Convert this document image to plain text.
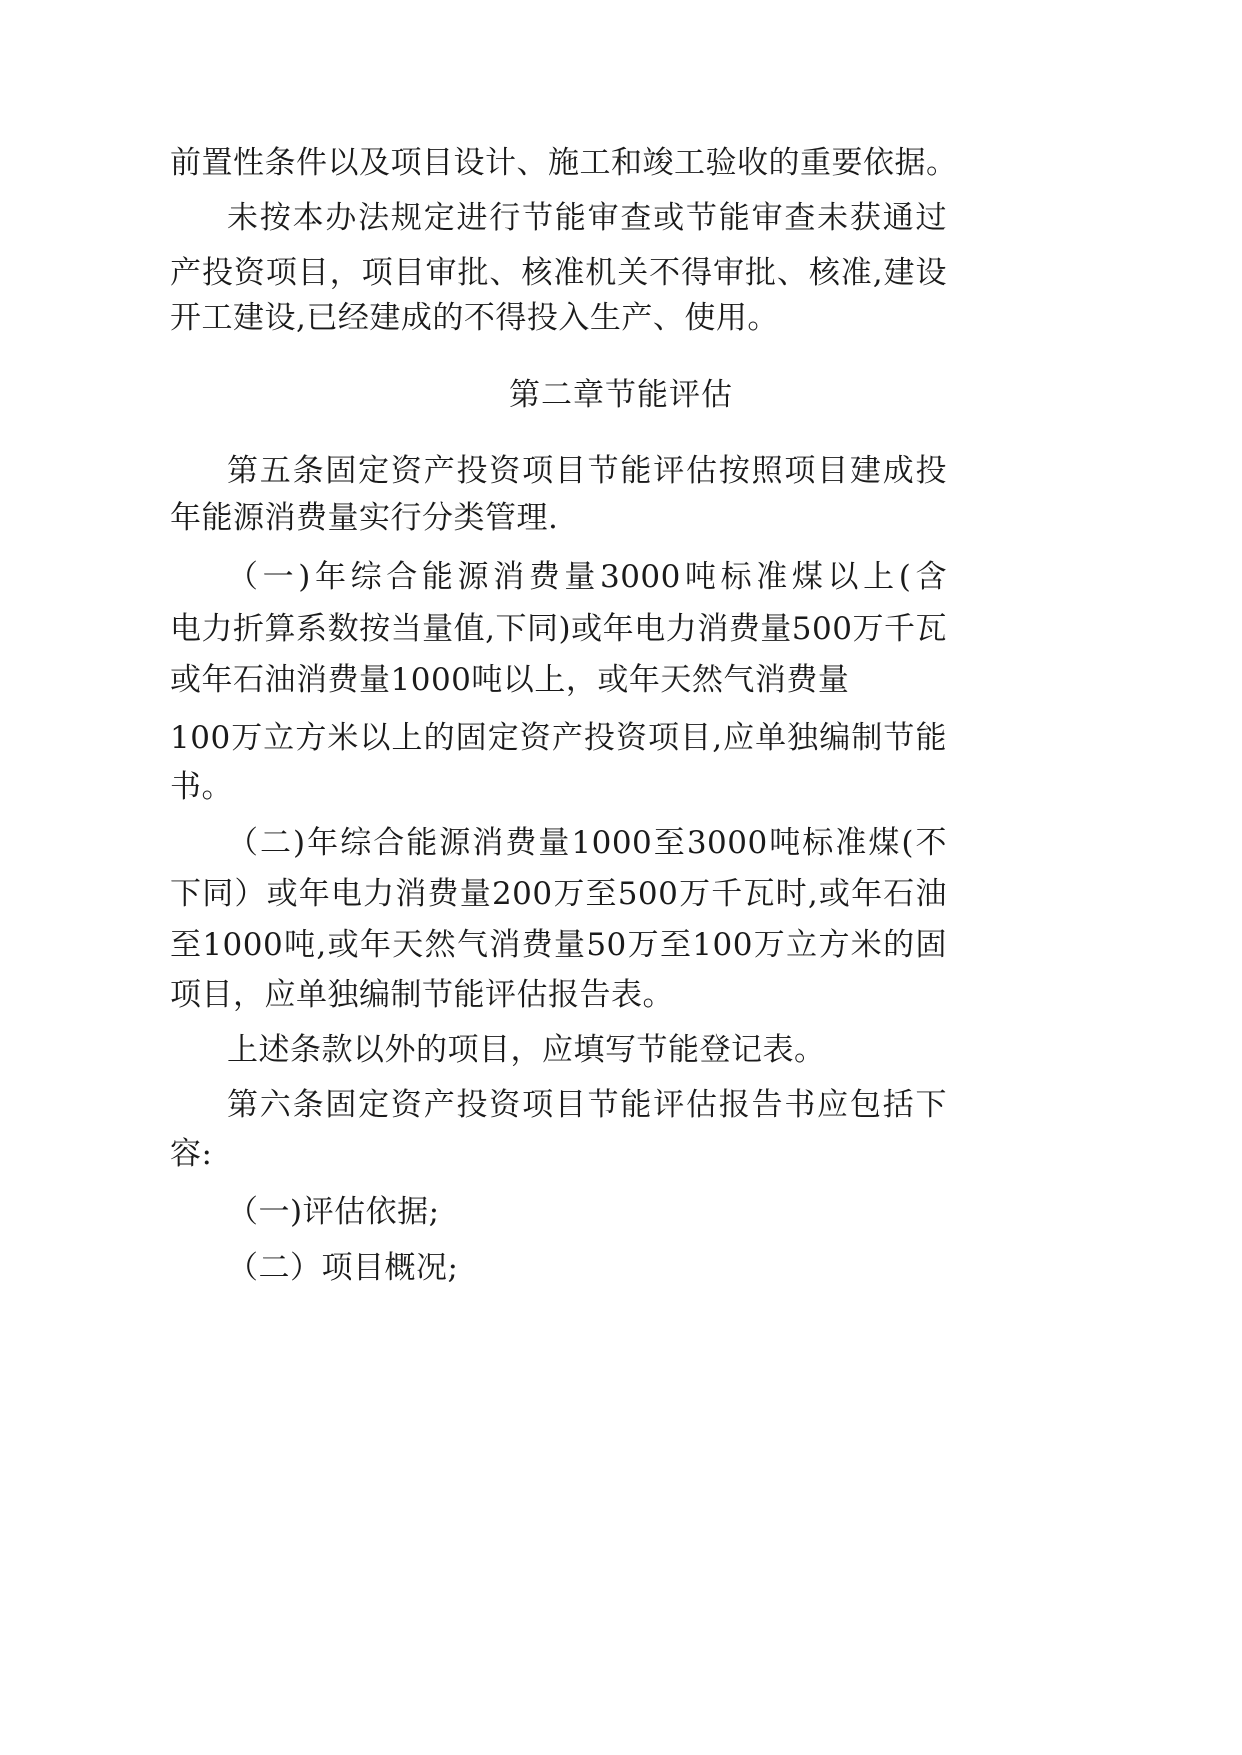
前置性条件以及项目设计、施工和竣工验收的重要依据。
未按本办法规定进行节能审查或节能审查未获通过
产投资项目，项目审批、核准机关不得审批、核准,建设
开工建设,已经建成的不得投入生产、使用。
第二章节能评估
第五条固定资产投资项目节能评估按照项目建成投
年能源消费量实行分类管理.
（一)年综合能源消费量3000吨标准煤以上(含
电力折算系数按当量值,下同)或年电力消费量500万千瓦
或年石油消费量1000吨以上，或年天然气消费量
100万立方米以上的固定资产投资项目,应单独编制节能
书。
（二)年综合能源消费量1000至3000吨标准煤(不
下同）或年电力消费量200万至500万千瓦时,或年石油
至1000吨,或年天然气消费量50万至100万立方米的固
项目，应单独编制节能评估报告表。
上述条款以外的项目，应填写节能登记表。
第六条固定资产投资项目节能评估报告书应包括下
容:
（一)评估依据;
（二）项目概况;
